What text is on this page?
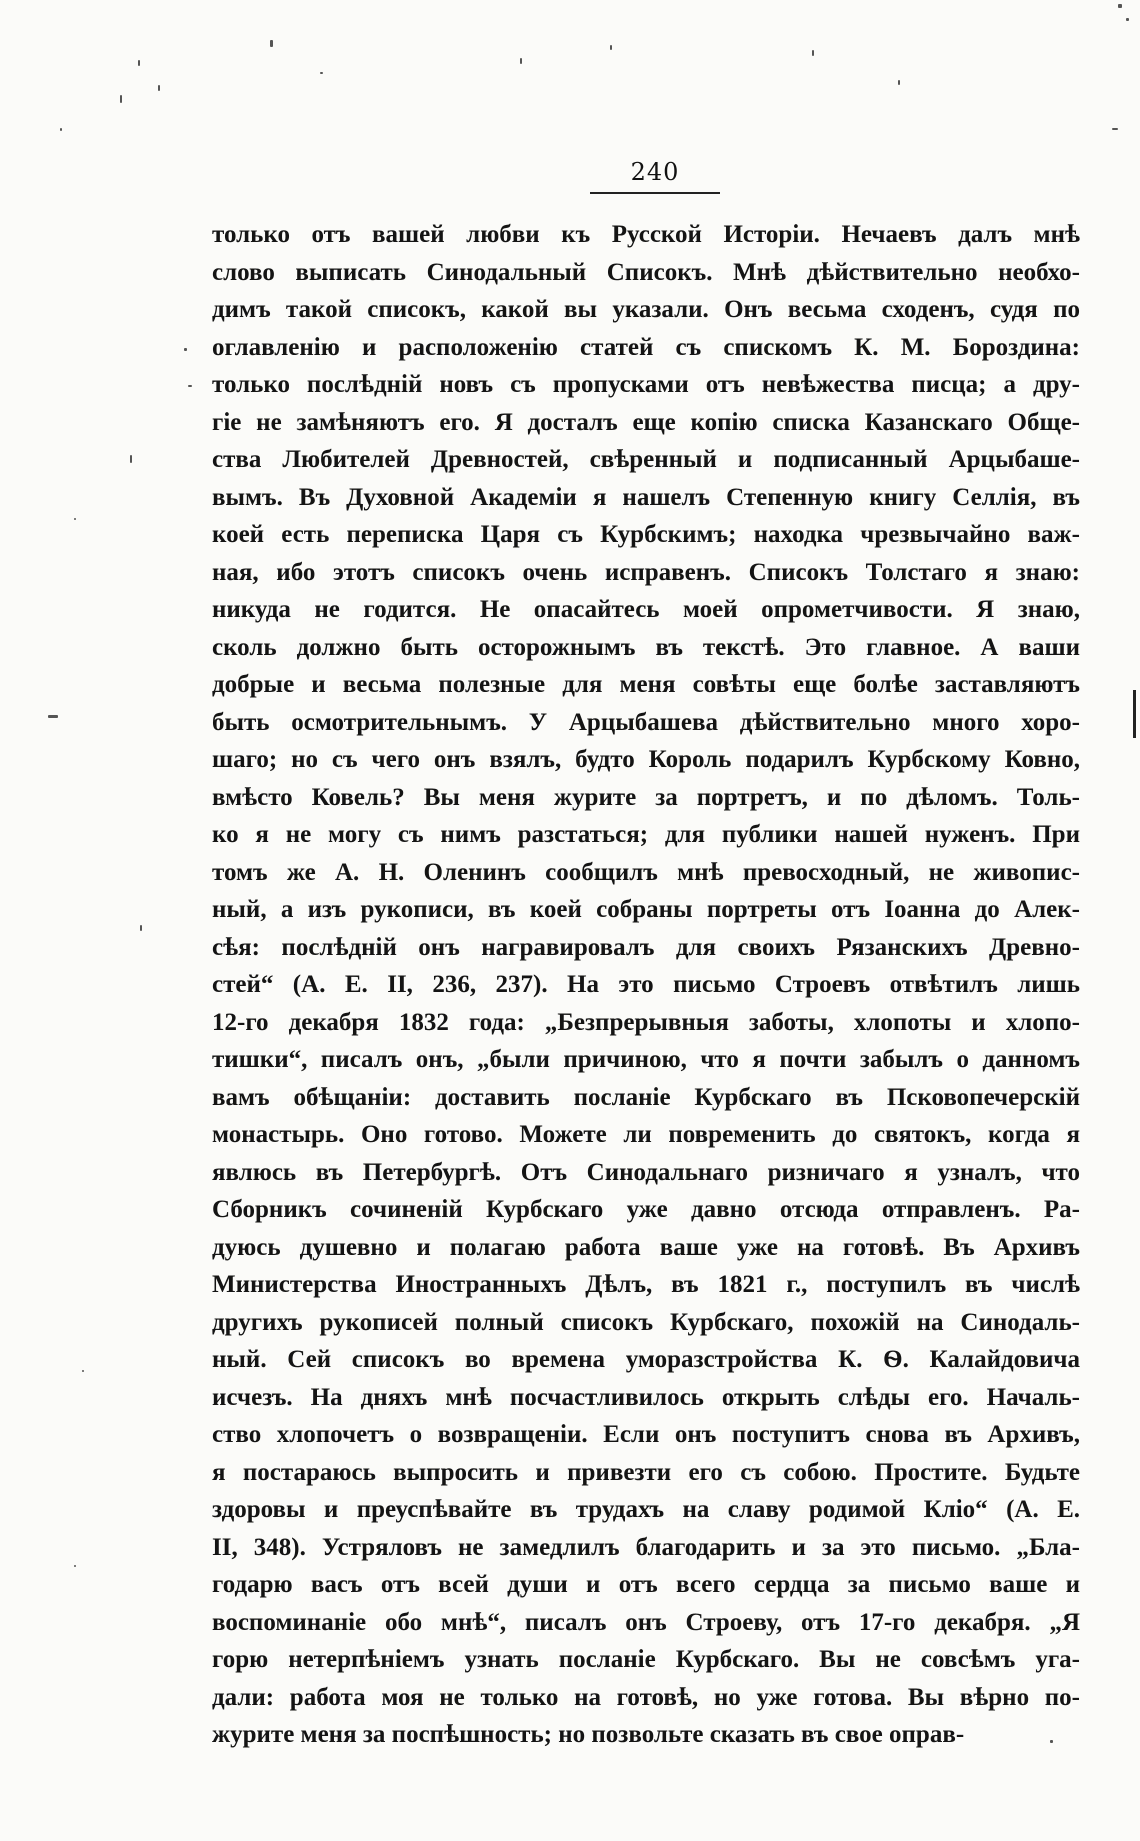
240
только отъ вашей любви къ Русской Исторіи. Нечаевъ далъ мнѣ
слово выписать Синодальный Списокъ. Мнѣ дѣйствительно необхо-
димъ такой списокъ, какой вы указали. Онъ весьма сходенъ, судя по
оглавленію и расположенію статей съ спискомъ К. М. Бороздина:
только послѣдній новъ съ пропусками отъ невѣжества писца; а дру-
гіе не замѣняютъ его. Я досталъ еще копію списка Казанскаго Обще-
ства Любителей Древностей, свѣренный и подписанный Арцыбаше-
вымъ. Въ Духовной Академіи я нашелъ Степенную книгу Селлія, въ
коей есть переписка Царя съ Курбскимъ; находка чрезвычайно важ-
ная, ибо этотъ списокъ очень исправенъ. Списокъ Толстаго я знаю:
никуда не годится. Не опасайтесь моей опрометчивости. Я знаю,
сколь должно быть осторожнымъ въ текстѣ. Это главное. А ваши
добрые и весьма полезные для меня совѣты еще болѣе заставляютъ
быть осмотрительнымъ. У Арцыбашева дѣйствительно много хоро-
шаго; но съ чего онъ взялъ, будто Король подарилъ Курбскому Ковно,
вмѣсто Ковель? Вы меня журите за портретъ, и по дѣломъ. Толь-
ко я не могу съ нимъ разстаться; для публики нашей нуженъ. При
томъ же А. Н. Оленинъ сообщилъ мнѣ превосходный, не живопис-
ный, а изъ рукописи, въ коей собраны портреты отъ Іоанна до Алек-
сѣя: послѣдній онъ награвировалъ для своихъ Рязанскихъ Древно-
стей“ (А. Е. II, 236, 237). На это письмо Строевъ отвѣтилъ лишь
12-го декабря 1832 года: „Безпрерывныя заботы, хлопоты и хлопо-
тишки“, писалъ онъ, „были причиною, что я почти забылъ о данномъ
вамъ обѣщаніи: доставить посланіе Курбскаго въ Псковопечерскій
монастырь. Оно готово. Можете ли повременить до святокъ, когда я
явлюсь въ Петербургѣ. Отъ Синодальнаго ризничаго я узналъ, что
Сборникъ сочиненій Курбскаго уже давно отсюда отправленъ. Ра-
дуюсь душевно и полагаю работа ваше уже на готовѣ. Въ Архивъ
Министерства Иностранныхъ Дѣлъ, въ 1821 г., поступилъ въ числѣ
другихъ рукописей полный списокъ Курбскаго, похожій на Синодаль-
ный. Сей списокъ во времена уморазстройства К. Ѳ. Калайдовича
исчезъ. На дняхъ мнѣ посчастливилось открыть слѣды его. Началь-
ство хлопочетъ о возвращеніи. Если онъ поступитъ снова въ Архивъ,
я постараюсь выпросить и привезти его съ собою. Простите. Будьте
здоровы и преуспѣвайте въ трудахъ на славу родимой Кліо“ (А. Е.
II, 348). Устряловъ не замедлилъ благодарить и за это письмо. „Бла-
годарю васъ отъ всей души и отъ всего сердца за письмо ваше и
воспоминаніе обо мнѣ“, писалъ онъ Строеву, отъ 17-го декабря. „Я
горю нетерпѣніемъ узнать посланіе Курбскаго. Вы не совсѣмъ уга-
дали: работа моя не только на готовѣ, но уже готова. Вы вѣрно по-
журите меня за поспѣшность; но позвольте сказать въ свое оправ-
